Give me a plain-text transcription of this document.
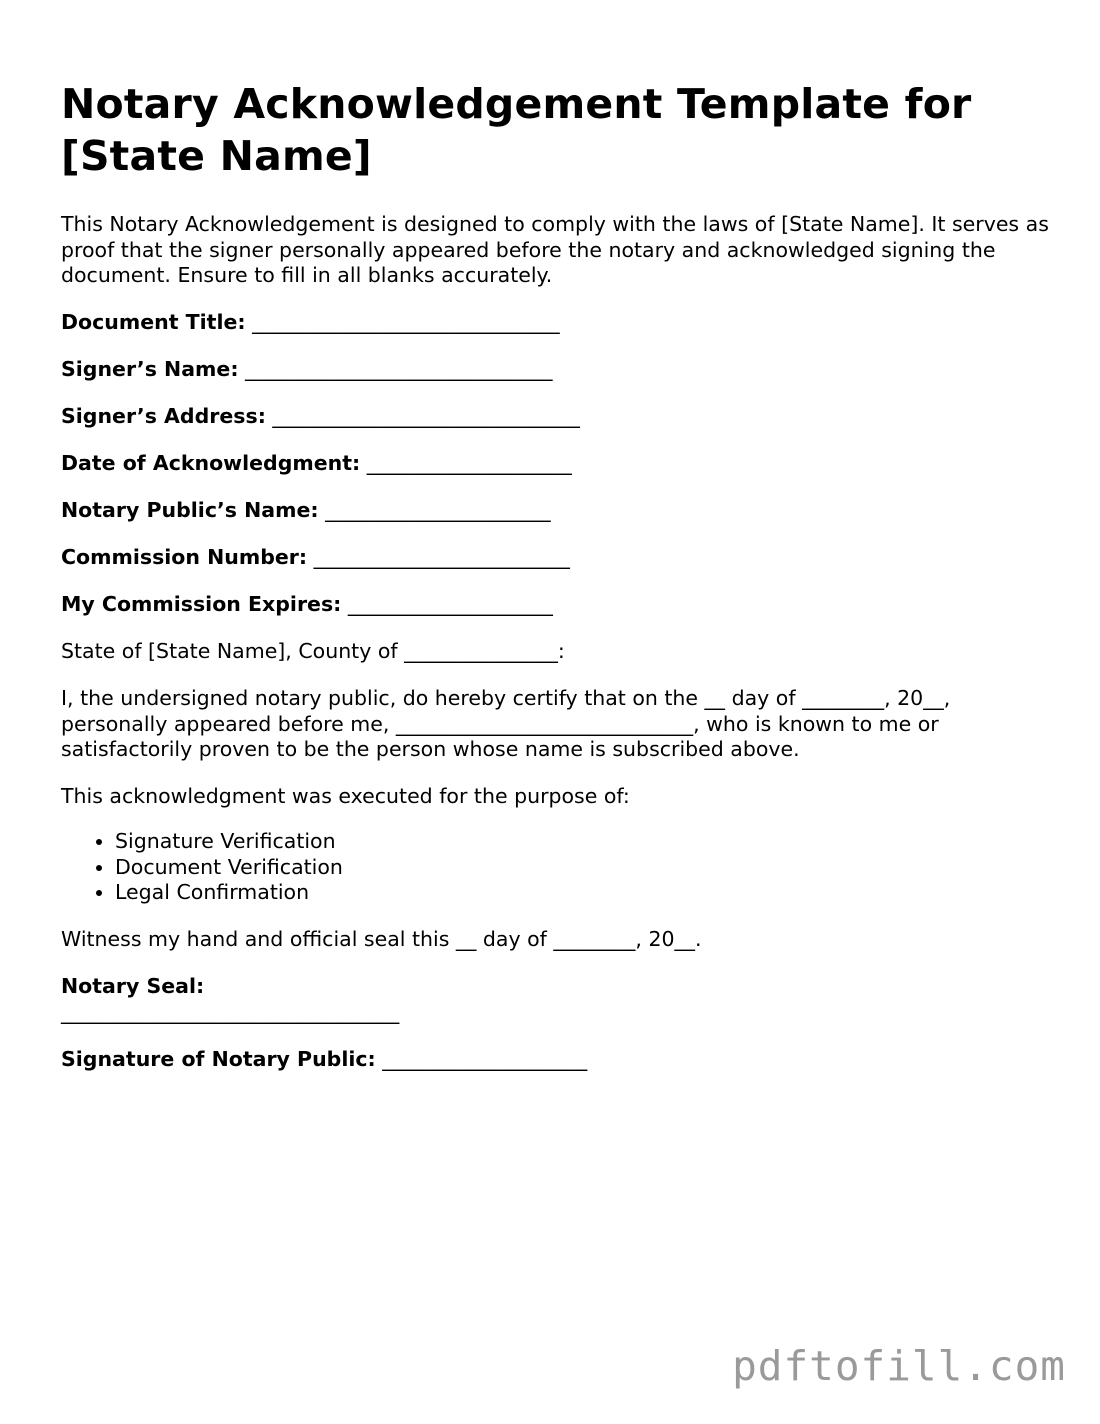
Notary Acknowledgement Template for [State Name]

This Notary Acknowledgement is designed to comply with the laws of [State Name]. It serves as proof that the signer personally appeared before the notary and acknowledged signing the document. Ensure to fill in all blanks accurately.

Document Title: ______________________________
Signer’s Name: ______________________________
Signer’s Address: ______________________________
Date of Acknowledgment: ____________________
Notary Public’s Name: ______________________
Commission Number: _________________________
My Commission Expires: ____________________

State of [State Name], County of _______________:

I, the undersigned notary public, do hereby certify that on the __ day of ________, 20__, personally appeared before me, _____________________________, who is known to me or satisfactorily proven to be the person whose name is subscribed above.

This acknowledgment was executed for the purpose of:

• Signature Verification
• Document Verification
• Legal Confirmation

Witness my hand and official seal this __ day of ________, 20__.

Notary Seal:
_________________________________
Signature of Notary Public: ____________________
pdftofill.com
